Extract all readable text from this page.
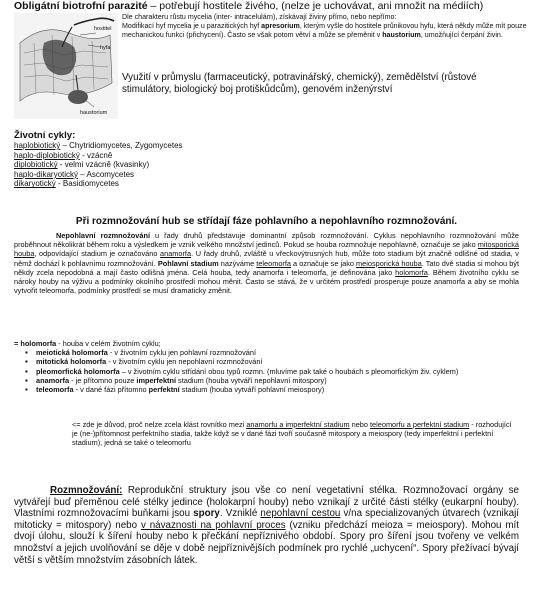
Obligátní biotrofní parazité – potřebují hostitele živého, (nelze je uchovávat, ani množit na médiích)
hostitel
hyfa
haustorium
Dle charakteru růstu mycelia (inter- intracelulárn), získávají živiny přímo, nebo nepřímo:
Modifikací hyf mycelia je u parazitických hyf apresorium, kterým vyšle do hostitele průnikovou hyfu, která někdy může mít pouze mechanickou funkci (přichycení). Často se však potom větví a může se přeměnit v haustorium, umožňující čerpání živin.
Využití v průmyslu (farmaceutický, potravinářský, chemický), zemědělství (růstové stimulátory, biologický boj protiškůdcům), genovém inženýrství
Životní cykly:
haplobiotický – Chytridiomycetes, Zygomycetes
haplo-diplobiotický - vzácně
diplobiotický - velmi vzácně (kvasinky)
haplo-dikaryotický – Ascomycetes
dikaryotický - Basidiomycetes
Při rozmnožování hub se střídají fáze pohlavního a nepohlavního rozmnožování.
Nepohlavní rozmnožování u řady druhů představuje dominantní způsob rozmnožování. Cyklus nepohlavního rozmnožování může proběhnout několikrát během roku a výsledkem je vznik velkého množství jedinců. Pokud se houba rozmnožuje nepohlavně, označuje se jako mitosporická houba, odpovídající stadium je označováno anamorfa. U řady druhů, zvláště u vřeckovýtrusných hub, může toto stadium být značně odlišné od stadia, v němž dochází k pohlavnímu rozmnožování. Pohlavní stadium nazýváme teleomorfa a označuje se jako meiosporická houba. Tato dvě stadia si mohou být někdy zcela nepodobná a mají často odlišná jména. Celá houba, tedy anamorfa i teleomorfa, je definována jako holomorfa. Během životního cyklu se nároky houby na výživu a podmínky okolního prostředí mohou měnit. Často se stává, že v určitém prostředí prosperuje pouze anamorfa a aby se mohla vytvořit teleomorfa, podmínky prostředí se musí dramaticky změnit.
= holomorfa - houba v celém životním cyklu;
▪ meiotická holomorfa - v životním cyklu jen pohlavní rozmnožování
▪ mitotická holomorfa - v životním cyklu jen nepohlavní rozmnožování
▪ pleomorfická holomorfa – v životním cyklu střídání obou typů rozmn. (mluvíme pak také o houbách s pleomorfickým živ. cyklem)
▪ anamorfa - je přítomno pouze imperfektní stadium (houba vytváří nepohlavní mitospory)
▪ teleomorfa - v dané fázi přítomno perfektní stadium (houba vytváří pohlavní meiospory)
<= zde je důvod, proč nelze zcela klást rovnítko mezi anamorfu a imperfektní stadium nebo teleomorfu a perfektní stadium - rozhodující je (ne-)přítomnost perfektního stadia, takže když se v dané fázi tvoří současně mitospory a meiospory (tedy imperfektní i perfektní stadium), jedná se také o teleomorfu
Rozmnožování: Reprodukční struktury jsou vše co není vegetativní stélka. Rozmnožovací orgány se vytvářejí buď přeměnou celé stélky jedince (holokarpní houby) nebo vznikají z určité části stélky (eukarpní houby). Vlastními rozmnožovacími buňkami jsou spory. Vzniklé nepohlavní cestou v/na specializovaných útvarech (vznikají mitoticky = mitospory) nebo v návaznosti na pohlavní proces (vzniku předchází meioza = meiospory). Mohou mít dvojí úlohu, slouží k šíření houby nebo k přečkání nepříznivého období. Spory pro šíření jsou tvořeny ve velkém množství a jejich uvolňování se děje v době nejpříznivějších podmínek pro rychlé „uchycení“. Spory přežívací bývají větší s větším množstvím zásobních látek.
